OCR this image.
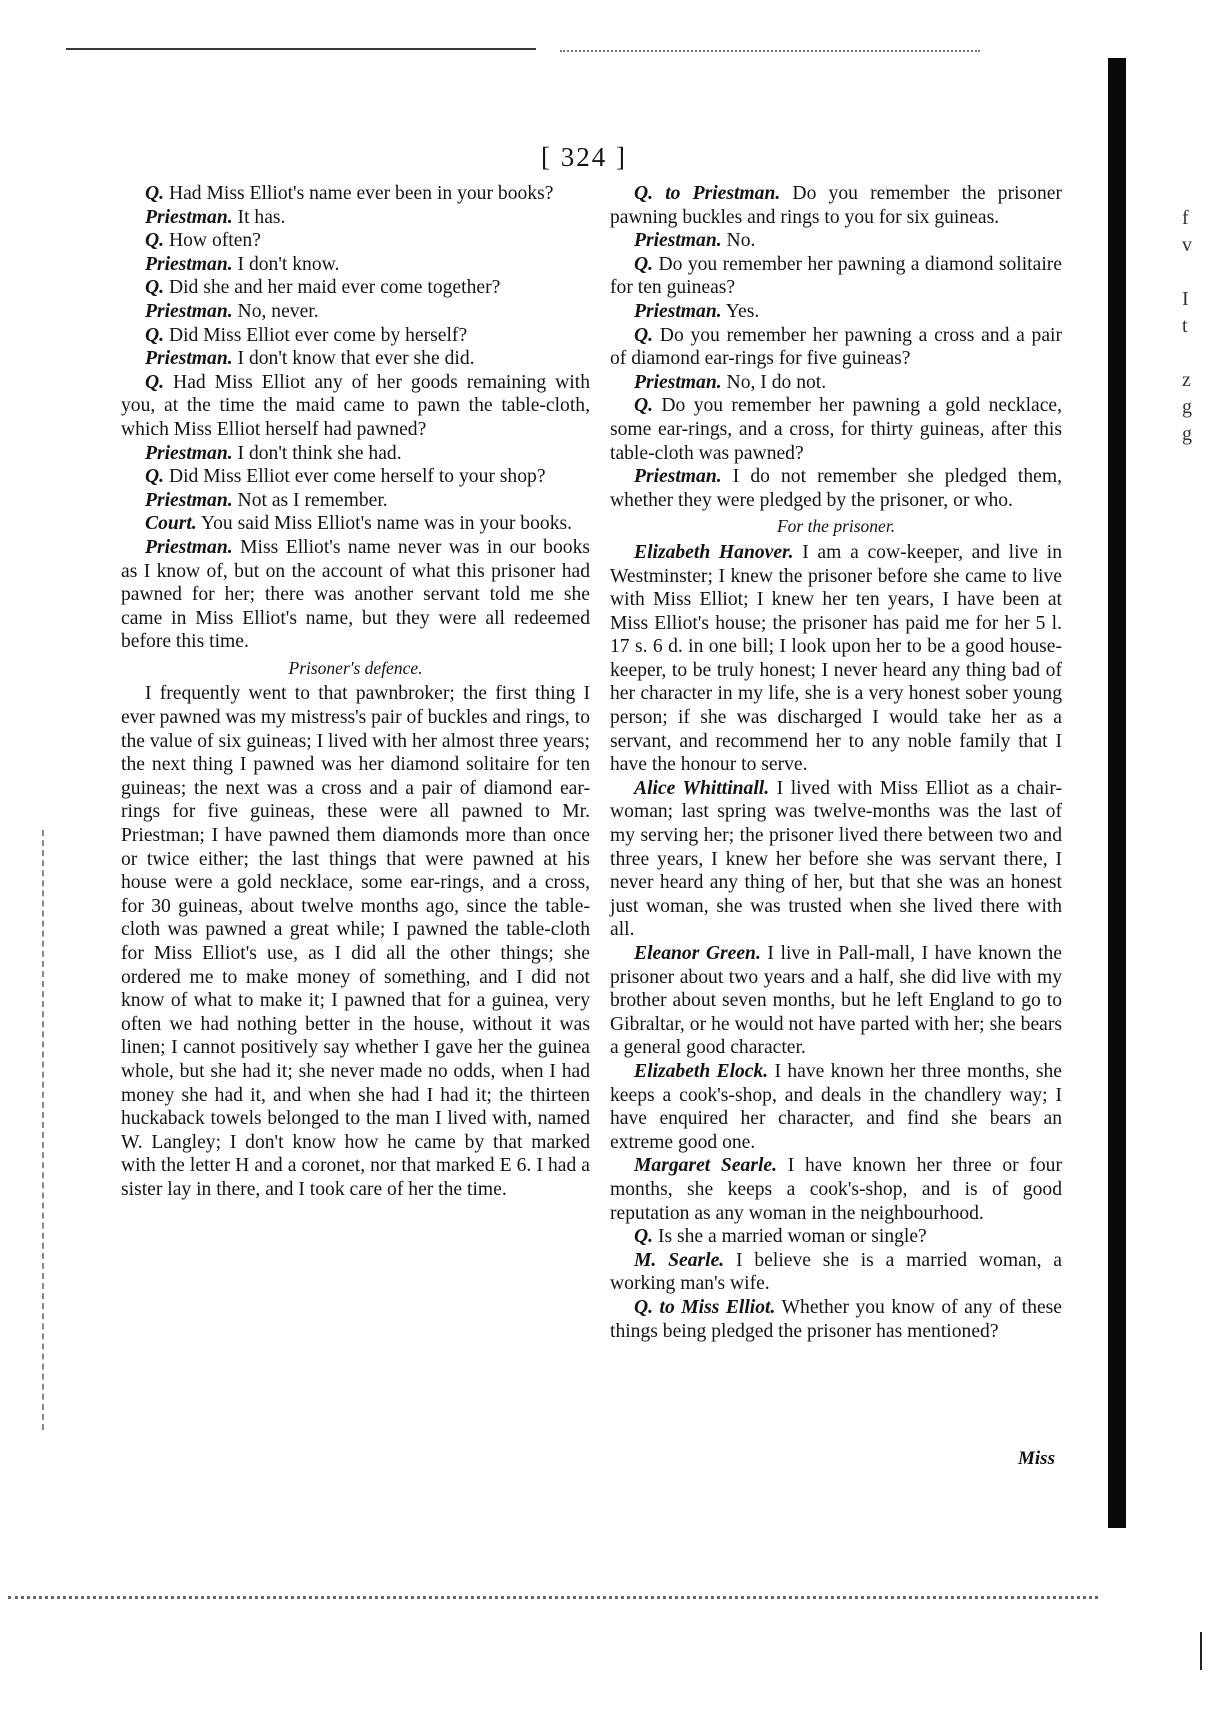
f
v
I
t
z
g
g
[ 324 ]

Q. Had Miss Elliot's name ever been in your books?

Priestman. It has.

Q. How often?

Priestman. I don't know.

Q. Did she and her maid ever come together?

Priestman. No, never.

Q. Did Miss Elliot ever come by herself?

Priestman. I don't know that ever she did.

Q. Had Miss Elliot any of her goods remaining with you, at the time the maid came to pawn the table-cloth, which Miss Elliot herself had pawned?

Priestman. I don't think she had.

Q. Did Miss Elliot ever come herself to your shop?

Priestman. Not as I remember.

Court. You said Miss Elliot's name was in your books.

Priestman. Miss Elliot's name never was in our books as I know of, but on the account of what this prisoner had pawned for her; there was another servant told me she came in Miss Elliot's name, but they were all redeemed before this time.

Prisoner's defence.

I frequently went to that pawnbroker; the first thing I ever pawned was my mistress's pair of buckles and rings, to the value of six guineas; I lived with her almost three years; the next thing I pawned was her diamond solitaire for ten guineas; the next was a cross and a pair of diamond ear-rings for five guineas, these were all pawned to Mr. Priestman; I have pawned them diamonds more than once or twice either; the last things that were pawned at his house were a gold necklace, some ear-rings, and a cross, for 30 guineas, about twelve months ago, since the table-cloth was pawned a great while; I pawned the table-cloth for Miss Elliot's use, as I did all the other things; she ordered me to make money of something, and I did not know of what to make it; I pawned that for a guinea, very often we had nothing better in the house, without it was linen; I cannot positively say whether I gave her the guinea whole, but she had it; she never made no odds, when I had money she had it, and when she had I had it; the thirteen huckaback towels belonged to the man I lived with, named W. Langley; I don't know how he came by that marked with the letter H and a coronet, nor that marked E 6. I had a sister lay in there, and I took care of her the time.

Q. to Priestman. Do you remember the prisoner pawning buckles and rings to you for six guineas.

Priestman. No.

Q. Do you remember her pawning a diamond solitaire for ten guineas?

Priestman. Yes.

Q. Do you remember her pawning a cross and a pair of diamond ear-rings for five guineas?

Priestman. No, I do not.

Q. Do you remember her pawning a gold necklace, some ear-rings, and a cross, for thirty guineas, after this table-cloth was pawned?

Priestman. I do not remember she pledged them, whether they were pledged by the prisoner, or who.

For the prisoner.

Elizabeth Hanover. I am a cow-keeper, and live in Westminster; I knew the prisoner before she came to live with Miss Elliot; I knew her ten years, I have been at Miss Elliot's house; the prisoner has paid me for her 5 l. 17 s. 6 d. in one bill; I look upon her to be a good house-keeper, to be truly honest; I never heard any thing bad of her character in my life, she is a very honest sober young person; if she was discharged I would take her as a servant, and recommend her to any noble family that I have the honour to serve.

Alice Whittinall. I lived with Miss Elliot as a chair-woman; last spring was twelve-months was the last of my serving her; the prisoner lived there between two and three years, I knew her before she was servant there, I never heard any thing of her, but that she was an honest just woman, she was trusted when she lived there with all.

Eleanor Green. I live in Pall-mall, I have known the prisoner about two years and a half, she did live with my brother about seven months, but he left England to go to Gibraltar, or he would not have parted with her; she bears a general good character.

Elizabeth Elock. I have known her three months, she keeps a cook's-shop, and deals in the chandlery way; I have enquired her character, and find she bears an extreme good one.

Margaret Searle. I have known her three or four months, she keeps a cook's-shop, and is of good reputation as any woman in the neighbourhood.

Q. Is she a married woman or single?

M. Searle. I believe she is a married woman, a working man's wife.

Q. to Miss Elliot. Whether you know of any of these things being pledged the prisoner has mentioned?

Miss
